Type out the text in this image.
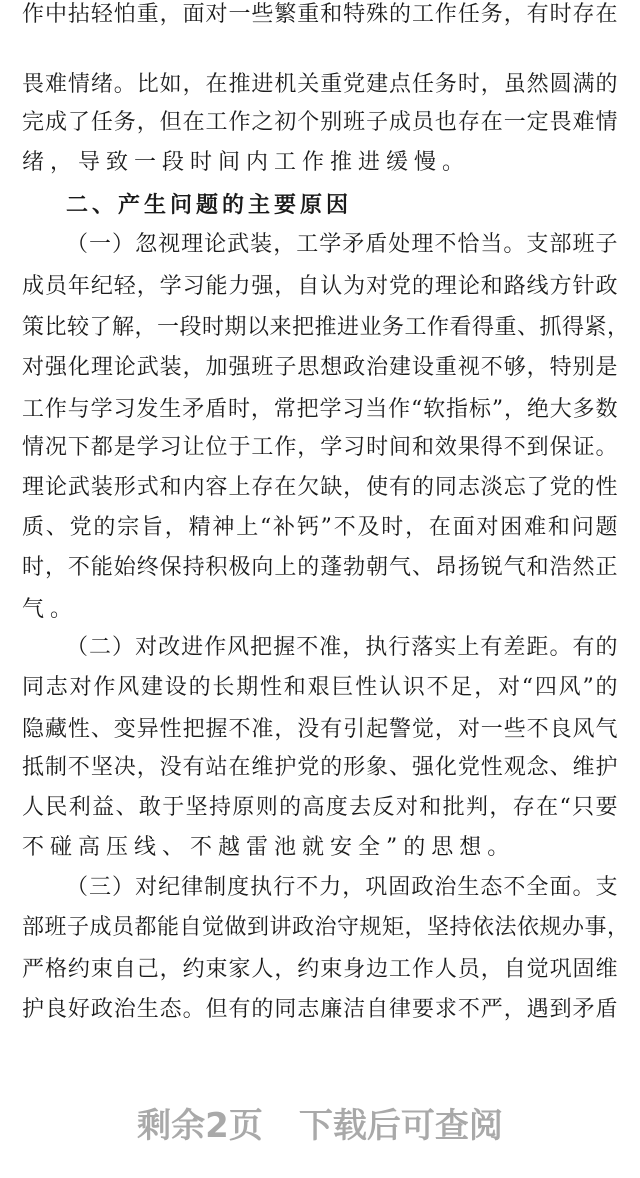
作中拈轻怕重，面对一些繁重和特殊的工作任务，有时存在
畏难情绪。比如，在推进机关重党建点任务时，虽然圆满的
完成了任务，但在工作之初个别班子成员也存在一定畏难情
绪，导致一段时间内工作推进缓慢。
二、产生问题的主要原因
（一）忽视理论武装，工学矛盾处理不恰当。支部班子
成员年纪轻，学习能力强，自认为对党的理论和路线方针政
策比较了解，一段时期以来把推进业务工作看得重、抓得紧，
对强化理论武装，加强班子思想政治建设重视不够，特别是
工作与学习发生矛盾时，常把学习当作“软指标”，绝大多数
情况下都是学习让位于工作，学习时间和效果得不到保证。
理论武装形式和内容上存在欠缺，使有的同志淡忘了党的性
质、党的宗旨，精神上“补钙”不及时，在面对困难和问题
时，不能始终保持积极向上的蓬勃朝气、昂扬锐气和浩然正
气。
（二）对改进作风把握不准，执行落实上有差距。有的
同志对作风建设的长期性和艰巨性认识不足，对“四风”的
隐藏性、变异性把握不准，没有引起警觉，对一些不良风气
抵制不坚决，没有站在维护党的形象、强化党性观念、维护
人民利益、敢于坚持原则的高度去反对和批判，存在“只要
不碰高压线、不越雷池就安全”的思想。
（三）对纪律制度执行不力，巩固政治生态不全面。支
部班子成员都能自觉做到讲政治守规矩，坚持依法依规办事，
严格约束自己，约束家人，约束身边工作人员，自觉巩固维
护良好政治生态。但有的同志廉洁自律要求不严，遇到矛盾
剩余2页 下载后可查阅
